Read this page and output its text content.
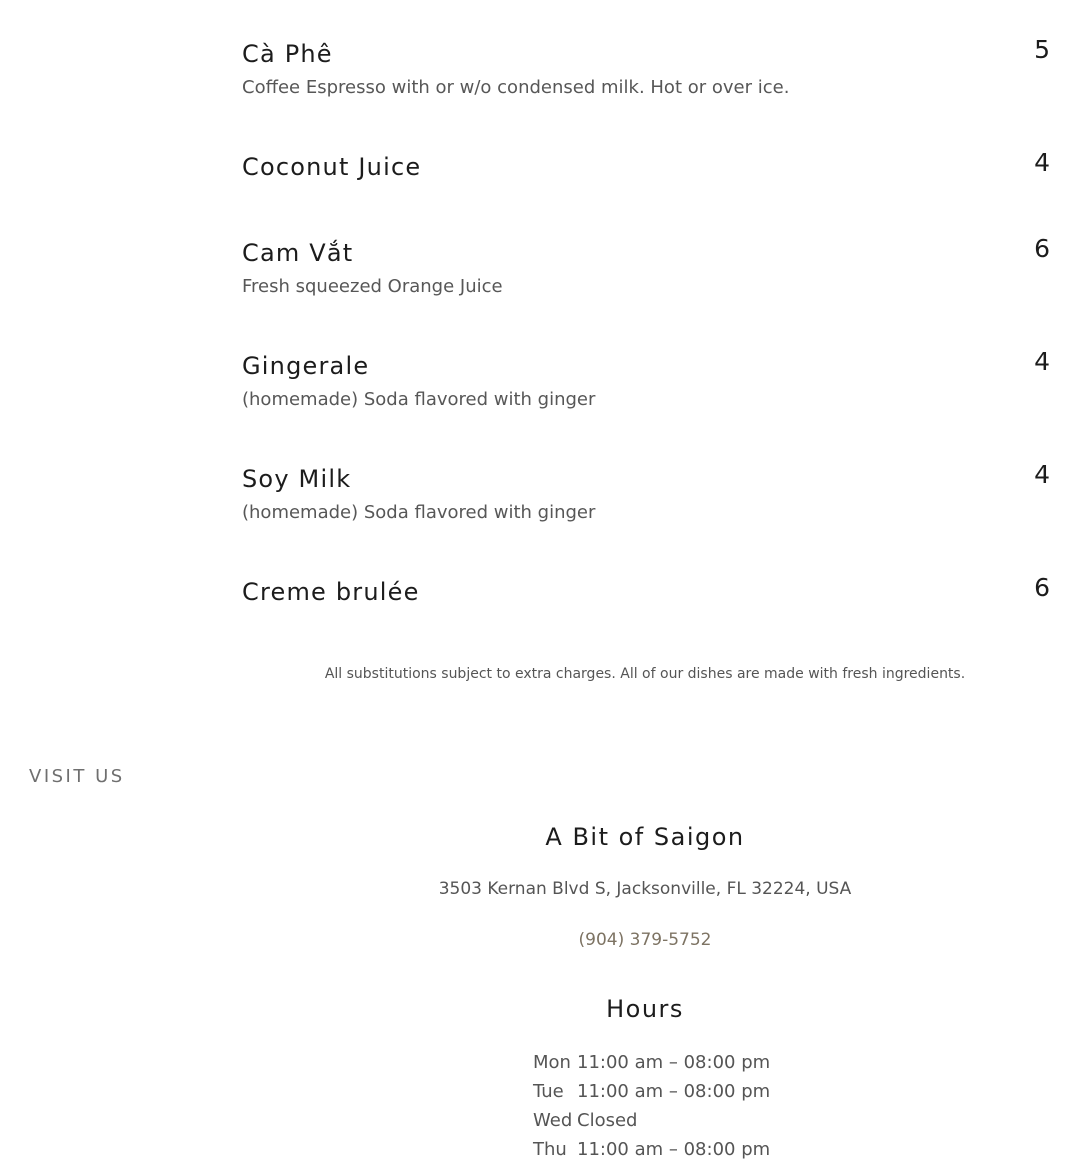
Cà Phê	5
Coffee Espresso with or w/o condensed milk. Hot or over ice.
Coconut Juice	4
Cam Vắt	6
Fresh squeezed Orange Juice
Gingerale	4
(homemade) Soda flavored with ginger
Soy Milk	4
(homemade) Soda flavored with ginger
Creme brulée	6
All substitutions subject to extra charges. All of our dishes are made with fresh ingredients.
VISIT US
A Bit of Saigon
3503 Kernan Blvd S, Jacksonville, FL 32224, USA
(904) 379-5752
Hours
Mon 11:00 am – 08:00 pm
Tue 11:00 am – 08:00 pm
Wed Closed
Thu 11:00 am – 08:00 pm
